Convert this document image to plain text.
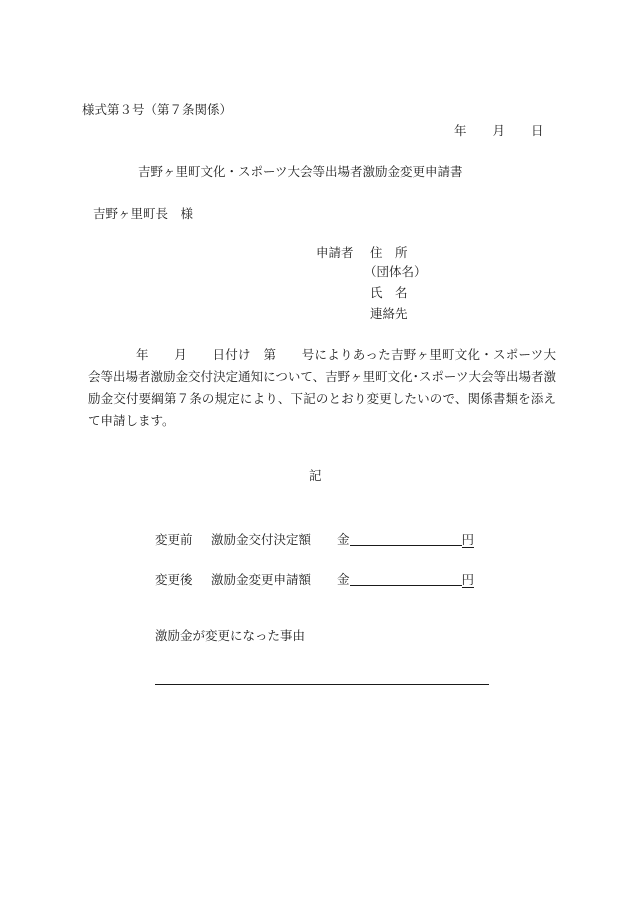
様式第３号（第７条関係）
年 月 日
吉野ヶ里町文化・スポーツ大会等出場者激励金変更申請書
吉野ヶ里町長　様
申請者 住　所
（団体名）
氏　名
連絡先
年　　月　　日付け　第　　号によりあった吉野ヶ里町文化・スポーツ大会等出場者激励金交付決定通知について、吉野ヶ里町文化･スポーツ大会等出場者激励金交付要綱第７条の規定により、下記のとおり変更したいので、関係書類を添えて申請します。
記
変更前 激励金交付決定額 金	円
変更後 激励金変更申請額 金	円
激励金が変更になった事由
